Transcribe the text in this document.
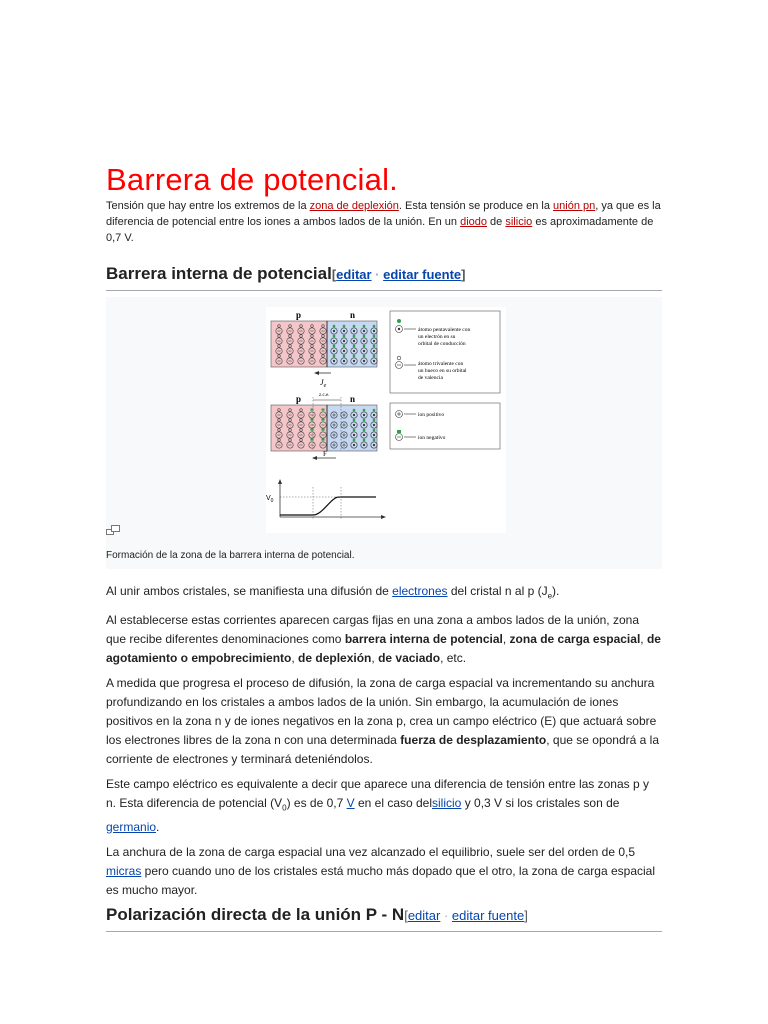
Barrera de potencial.

Tensión que hay entre los extremos de la zona de deplexión. Esta tensión se produce en la unión pn, ya que es la diferencia de potencial entre los iones a ambos lados de la unión. En un diodo de silicio es aproximadamente de 0,7 V.

Barrera interna de potencial[editar · editar fuente]
p	n
$J_e$
átomo pentavalente con
un electrón en su
orbital de conducción
átomo trivalente con
un hueco en su orbital
de valencia
p	n
z.c.e.
F
ion positivo
ion negativo
$V_0$
Formación de la zona de la barrera interna de potencial.

Al unir ambos cristales, se manifiesta una difusión de electrones del cristal n al p $(J_e)$.

Al establecerse estas corrientes aparecen cargas fijas en una zona a ambos lados de la unión, zona que recibe diferentes denominaciones como barrera interna de potencial, zona de carga espacial, de agotamiento o empobrecimiento, de deplexión, de vaciado, etc.

A medida que progresa el proceso de difusión, la zona de carga espacial va incrementando su anchura profundizando en los cristales a ambos lados de la unión. Sin embargo, la acumulación de iones positivos en la zona n y de iones negativos en la zona p, crea un campo eléctrico (E) que actuará sobre los electrones libres de la zona n con una determinada fuerza de desplazamiento, que se opondrá a la corriente de electrones y terminará deteniéndolos.

Este campo eléctrico es equivalente a decir que aparece una diferencia de tensión entre las zonas p y n. Esta diferencia de potencial $(V_0)$ es de 0,7 V en el caso delsilicio y 0,3 V si los cristales son de germanio.

La anchura de la zona de carga espacial una vez alcanzado el equilibrio, suele ser del orden de 0,5 micras pero cuando uno de los cristales está mucho más dopado que el otro, la zona de carga espacial es mucho mayor.

Polarización directa de la unión P - N[editar · editar fuente]
